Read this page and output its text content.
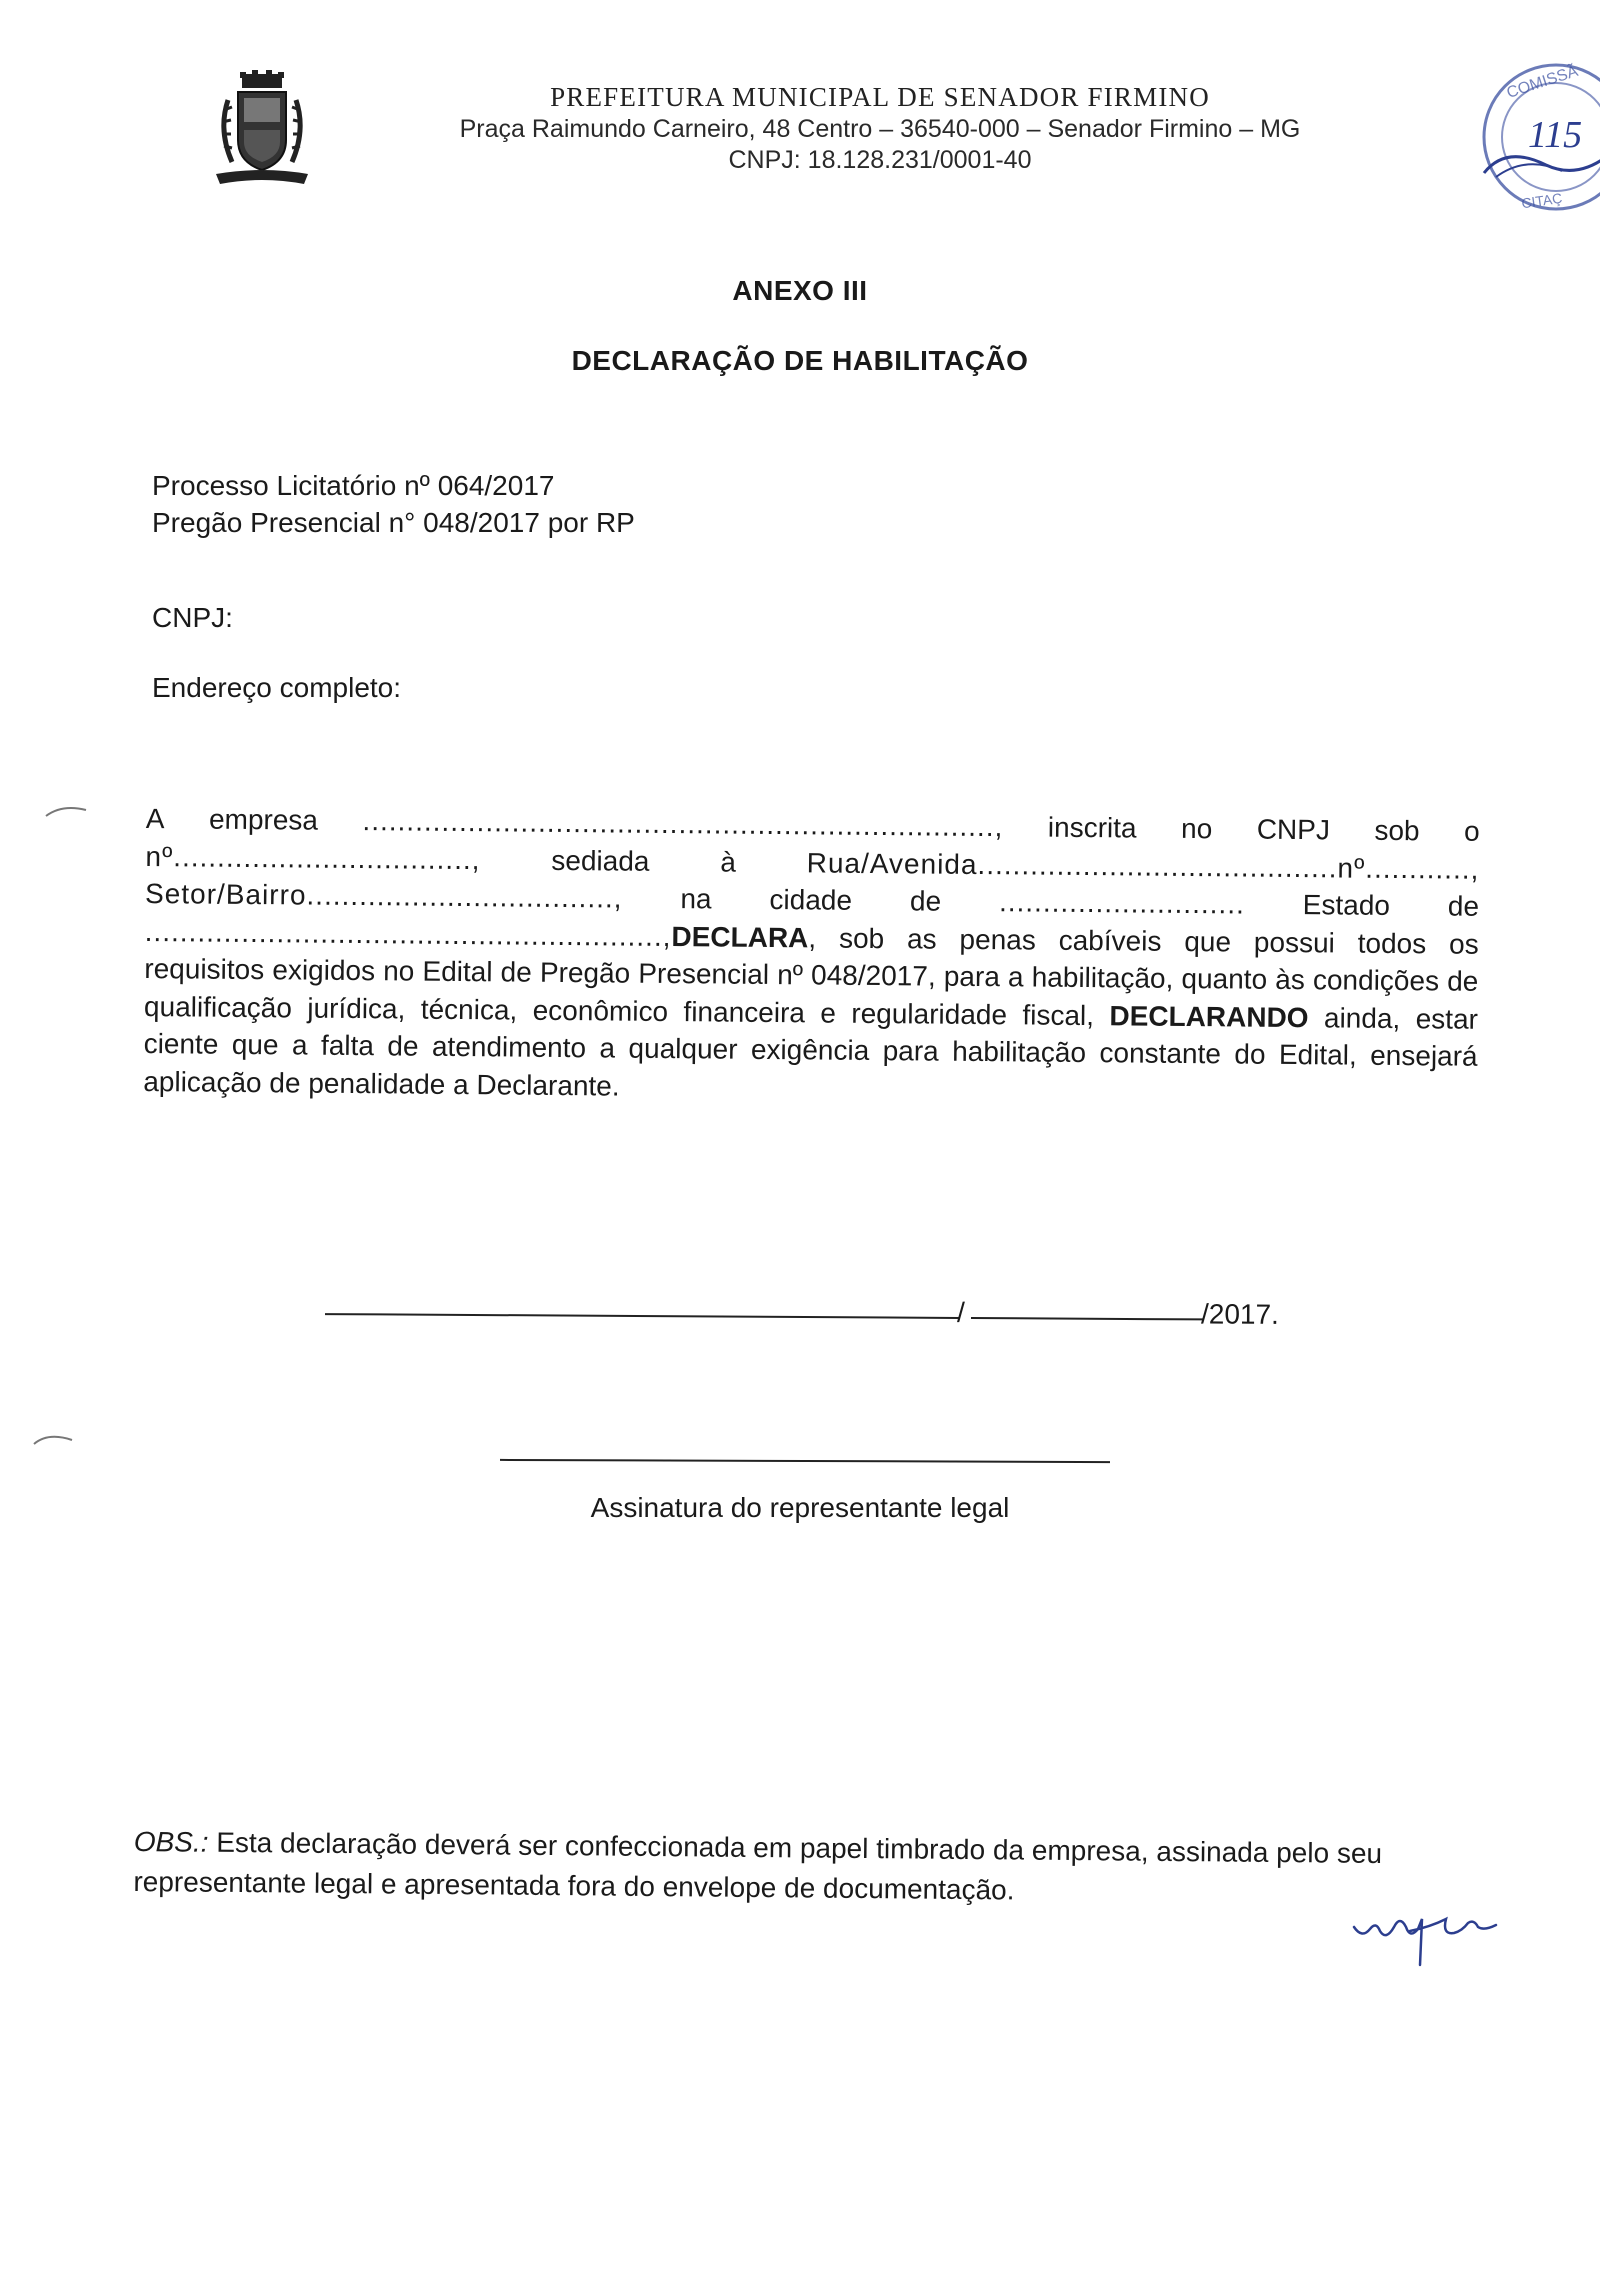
PREFEITURA MUNICIPAL DE SENADOR FIRMINO
Praça Raimundo Carneiro, 48 Centro – 36540-000 – Senador Firmino – MG
CNPJ: 18.128.231/0001-40
COMISSÃ
CITAÇ
115
ANEXO III
DECLARAÇÃO DE HABILITAÇÃO
Processo Licitatório nº 064/2017
Pregão Presencial n° 048/2017 por RP
CNPJ:
Endereço completo:
A empresa ........................................................................, inscrita no CNPJ sob o
nº..................................,	sediada	à	Rua/Avenida.........................................nº............,
Setor/Bairro..................................., na cidade de ............................ Estado de
...........................................................,DECLARA, sob as penas cabíveis que possui todos os requisitos exigidos no Edital de Pregão Presencial nº 048/2017, para a habilitação, quanto às condições de qualificação jurídica, técnica, econômico financeira e regularidade fiscal, DECLARANDO ainda, estar ciente que a falta de atendimento a qualquer exigência para habilitação constante do Edital, ensejará aplicação de penalidade a Declarante.
/	/2017.
Assinatura do representante legal
OBS.: Esta declaração deverá ser confeccionada em papel timbrado da empresa, assinada pelo seu representante legal e apresentada fora do envelope de documentação.
